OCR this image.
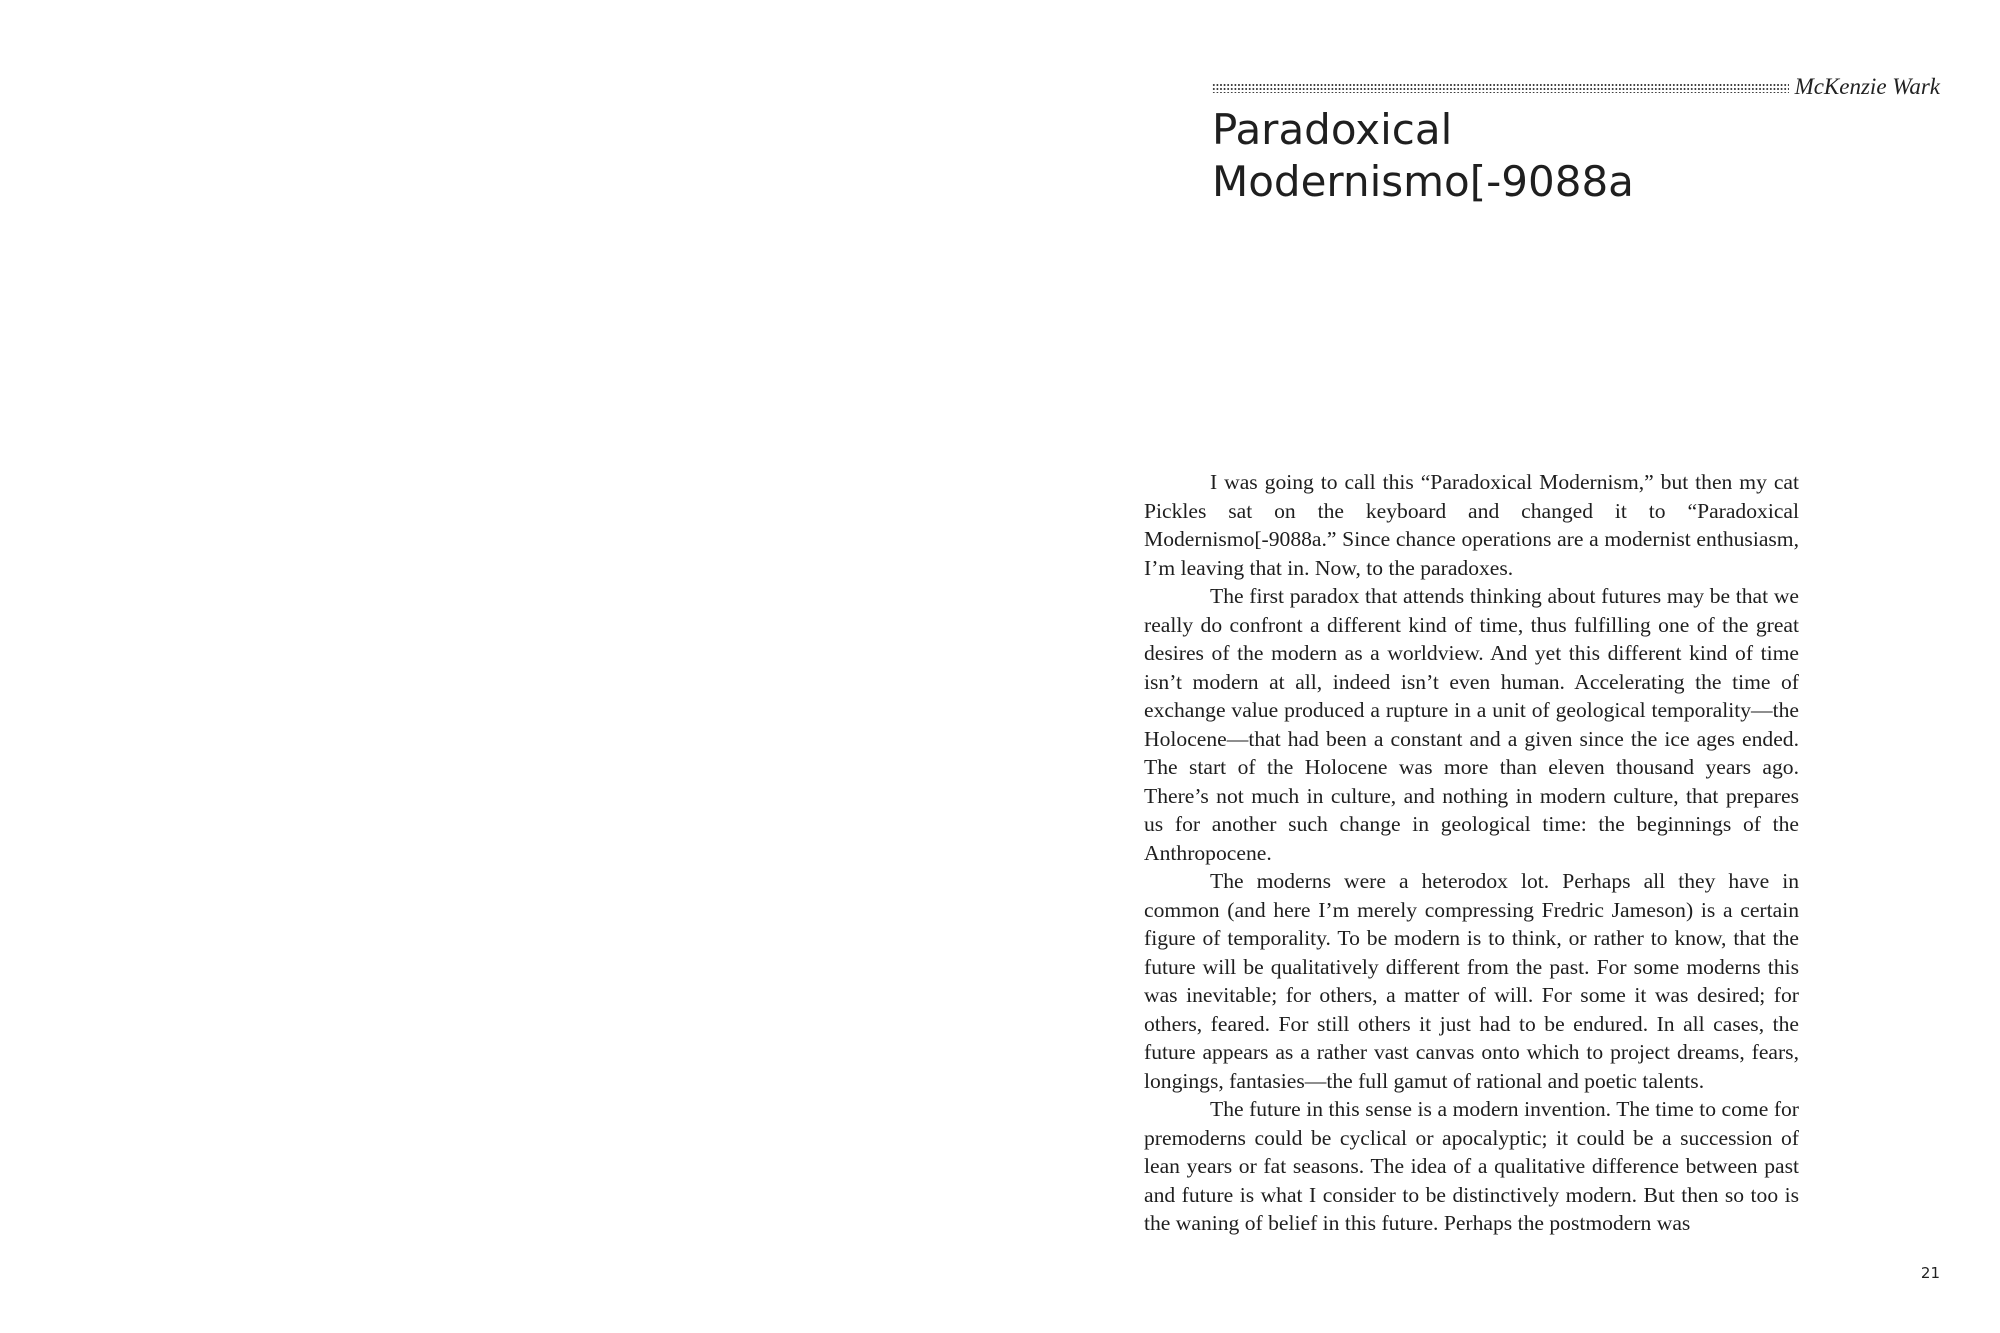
McKenzie Wark
Paradoxical
Modernismo[-9088a

I was going to call this “Paradoxical Modernism,” but then my cat Pickles sat on the keyboard and changed it to “Paradoxical Modernismo[-9088a.” Since chance operations are a modernist enthusiasm, I’m leaving that in. Now, to the paradoxes.

The first paradox that attends thinking about futures may be that we really do confront a different kind of time, thus fulfilling one of the great desires of the modern as a worldview. And yet this different kind of time isn’t modern at all, indeed isn’t even human. Accelerating the time of exchange value produced a rupture in a unit of geological temporality—the Holocene—that had been a constant and a given since the ice ages ended. The start of the Holocene was more than eleven thousand years ago. There’s not much in culture, and nothing in modern culture, that prepares us for another such change in geological time: the beginnings of the Anthropocene.

The moderns were a heterodox lot. Perhaps all they have in common (and here I’m merely compressing Fredric Jameson) is a certain figure of temporality. To be modern is to think, or rather to know, that the future will be qualitatively different from the past. For some moderns this was inevitable; for others, a matter of will. For some it was desired; for others, feared. For still others it just had to be endured. In all cases, the future appears as a rather vast canvas onto which to project dreams, fears, longings, fantasies—the full gamut of rational and poetic talents.

The future in this sense is a modern invention. The time to come for premoderns could be cyclical or apocalyptic; it could be a succession of lean years or fat seasons. The idea of a qualitative difference between past and future is what I consider to be distinctively modern. But then so too is the waning of belief in this future. Perhaps the postmodern was

21
